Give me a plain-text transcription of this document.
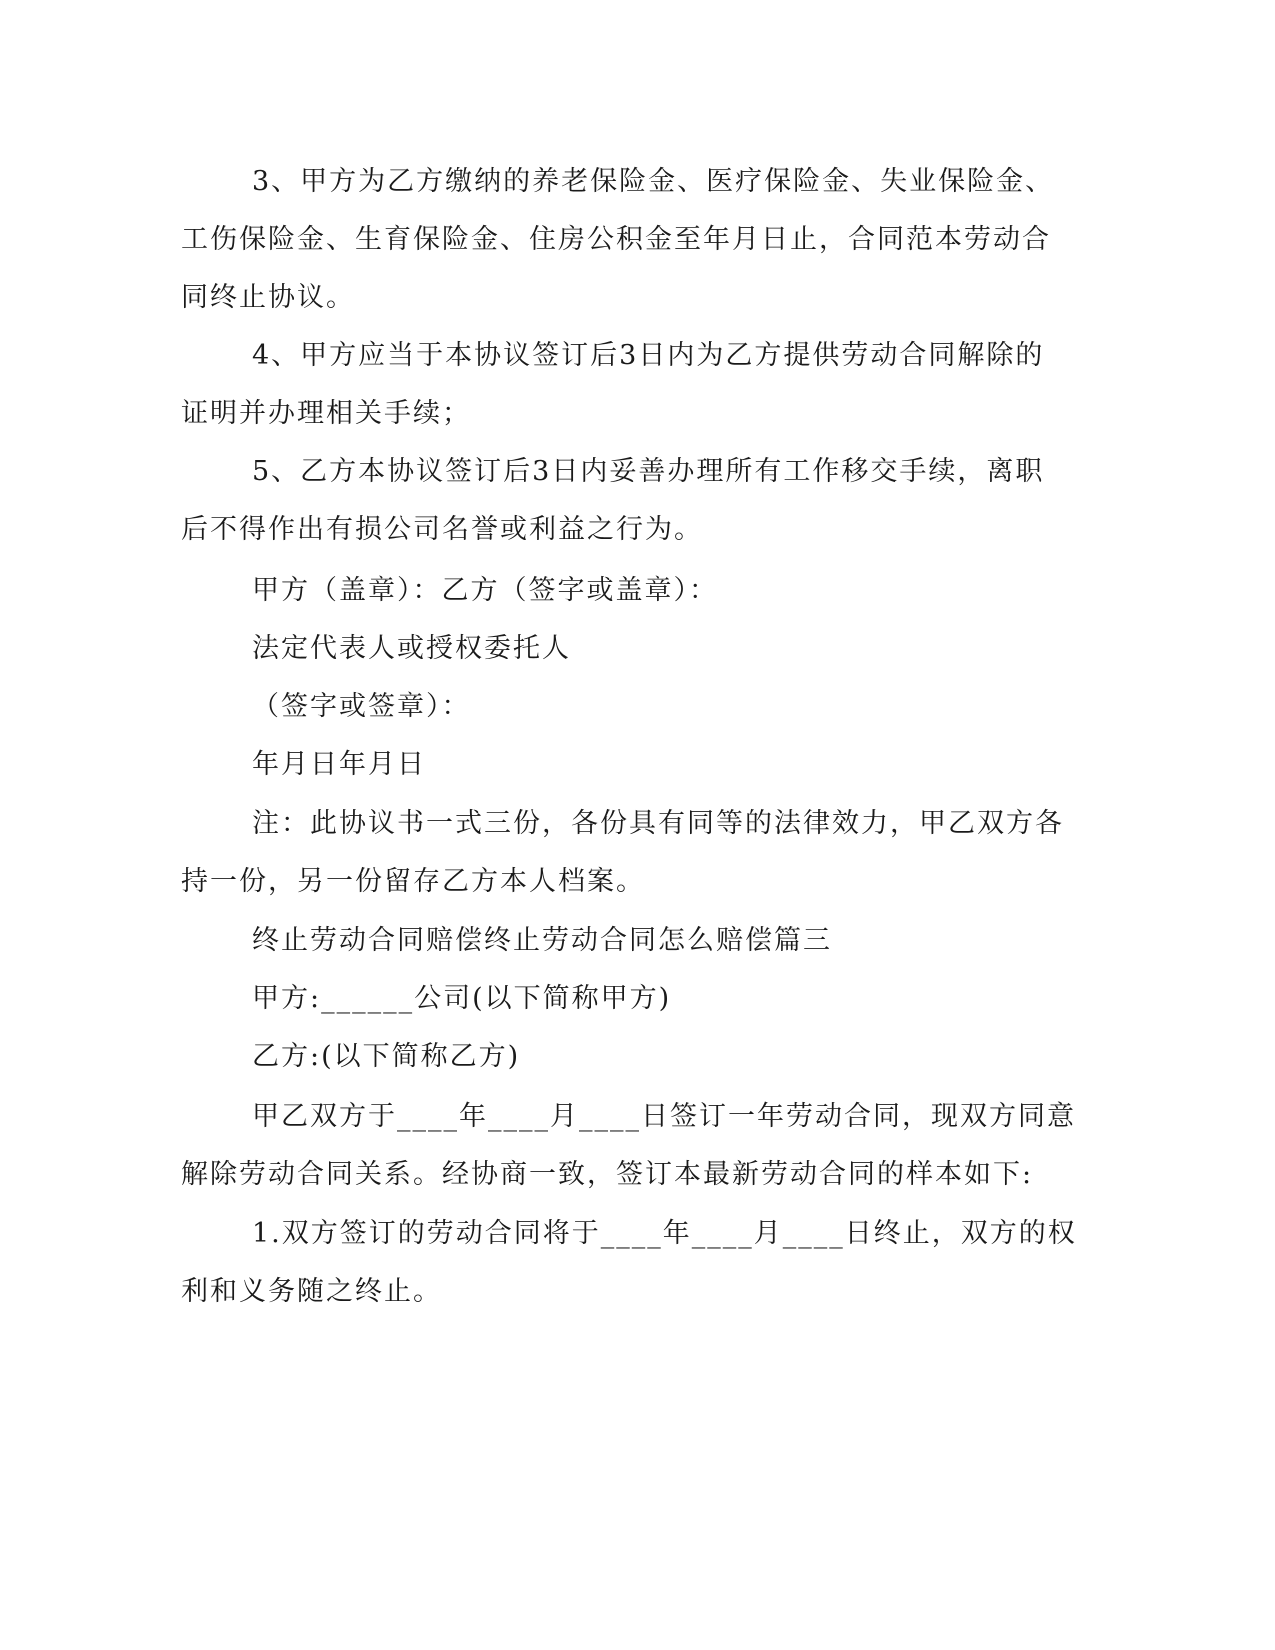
3、甲方为乙方缴纳的养老保险金、医疗保险金、失业保险金、
工伤保险金、生育保险金、住房公积金至年月日止，合同范本劳动合
同终止协议。
4、甲方应当于本协议签订后3日内为乙方提供劳动合同解除的
证明并办理相关手续；
5、乙方本协议签订后3日内妥善办理所有工作移交手续，离职
后不得作出有损公司名誉或利益之行为。
甲方（盖章）：乙方（签字或盖章）：
法定代表人或授权委托人
（签字或签章）：
年月日年月日
注：此协议书一式三份，各份具有同等的法律效力，甲乙双方各
持一份，另一份留存乙方本人档案。
终止劳动合同赔偿终止劳动合同怎么赔偿篇三
甲方:______公司(以下简称甲方)
乙方:(以下简称乙方)
甲乙双方于____年____月____日签订一年劳动合同，现双方同意
解除劳动合同关系。经协商一致，签订本最新劳动合同的样本如下:
1.双方签订的劳动合同将于____年____月____日终止，双方的权
利和义务随之终止。
